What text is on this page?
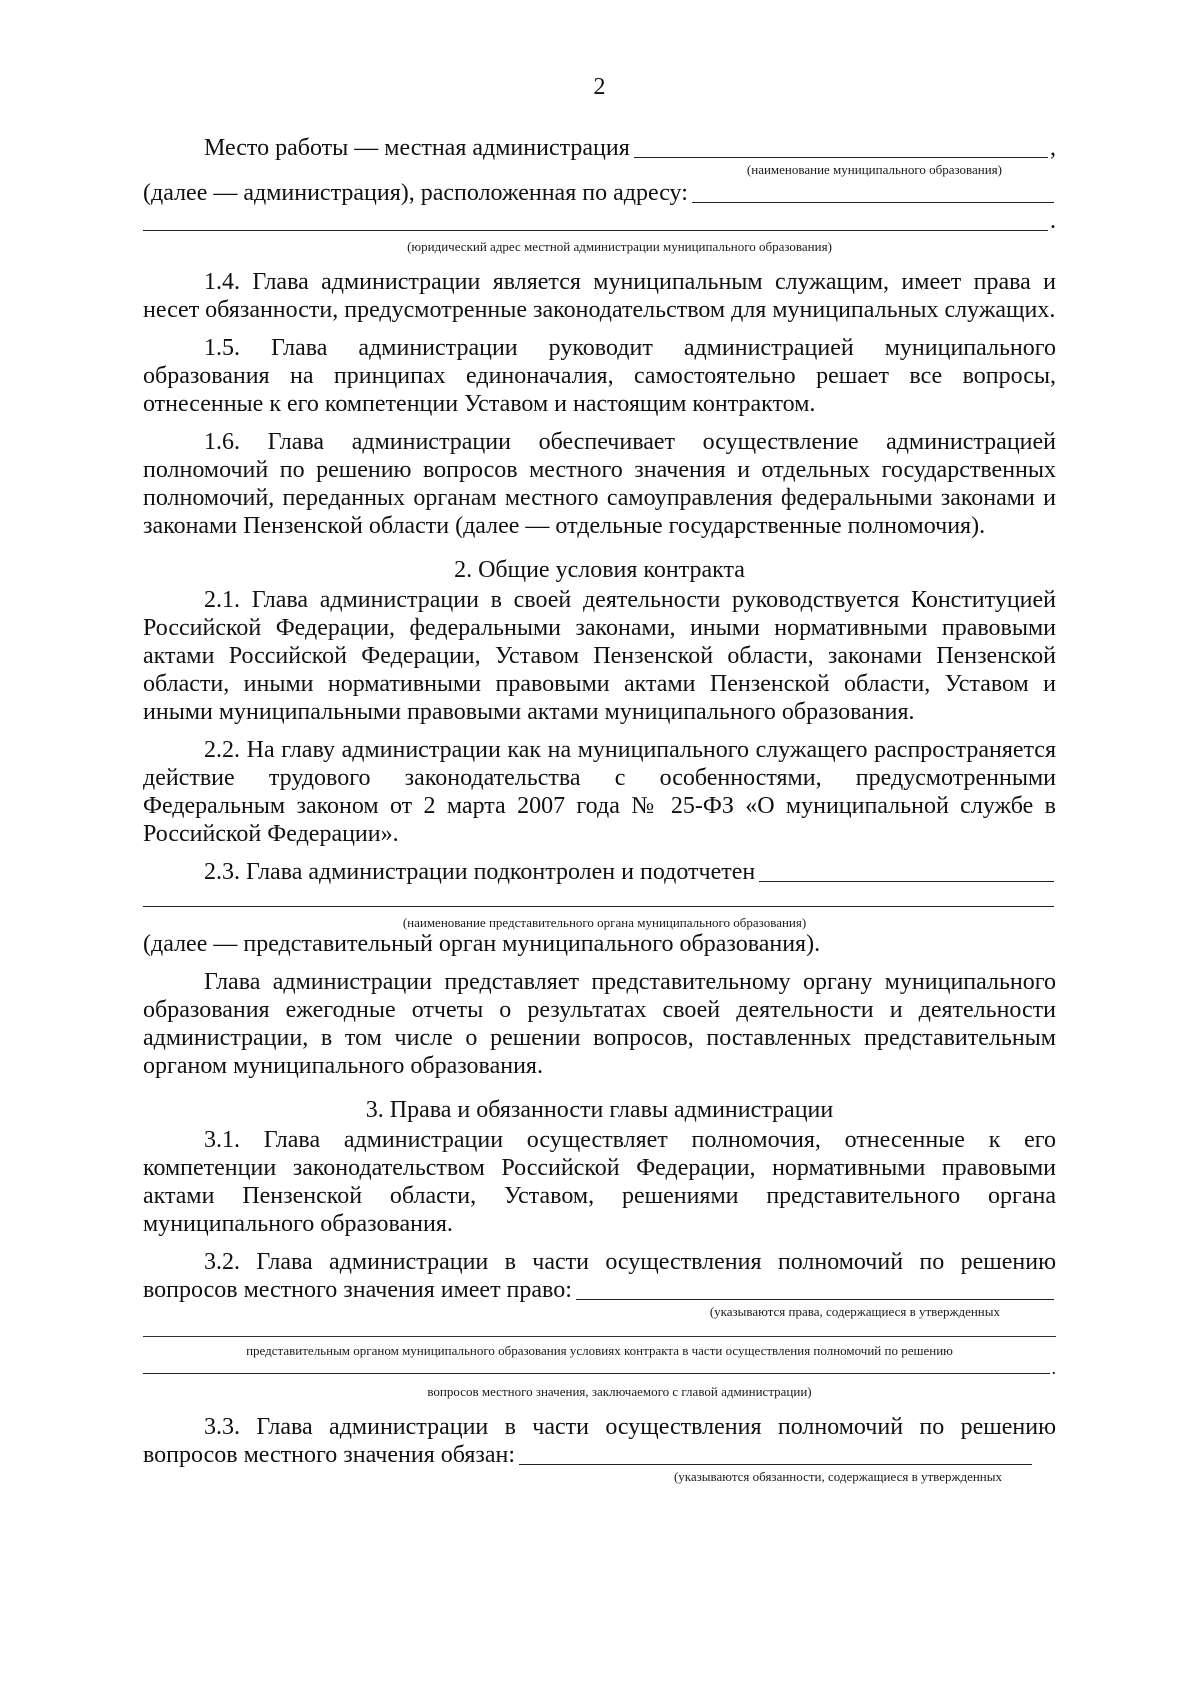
2
Место работы — местная администрация	,
(наименование муниципального образования)
(далее — администрация), расположенная по адресу:
.
(юридический адрес местной администрации муниципального образования)

1.4. Глава администрации является муниципальным служащим, имеет права и несет обязанности, предусмотренные законодательством для муниципальных служащих.

1.5. Глава администрации руководит администрацией муниципального образования на принципах единоначалия, самостоятельно решает все вопросы, отнесенные к его компетенции Уставом и настоящим контрактом.

1.6. Глава администрации обеспечивает осуществление администрацией полномочий по решению вопросов местного значения и отдельных государственных полномочий, переданных органам местного самоуправления федеральными законами и законами Пензенской области (далее — отдельные государственные полномочия).

2. Общие условия контракта

2.1. Глава администрации в своей деятельности руководствуется Конституцией Российской Федерации, федеральными законами, иными нормативными правовыми актами Российской Федерации, Уставом Пензенской области, законами Пензенской области, иными нормативными правовыми актами Пензенской области, Уставом и иными муниципальными правовыми актами муниципального образования.

2.2. На главу администрации как на муниципального служащего распространяется действие трудового законодательства с особенностями, предусмотренными Федеральным законом от 2 марта 2007 года № 25-ФЗ «О муниципальной службе в Российской Федерации».

2.3. Глава администрации подконтролен и подотчетен
(наименование представительного органа муниципального образования)

(далее — представительный орган муниципального образования).

Глава администрации представляет представительному органу муниципального образования ежегодные отчеты о результатах своей деятельности и деятельности администрации, в том числе о решении вопросов, поставленных представительным органом муниципального образования.

3. Права и обязанности главы администрации

3.1. Глава администрации осуществляет полномочия, отнесенные к его компетенции законодательством Российской Федерации, нормативными правовыми актами Пензенской области, Уставом, решениями представительного органа муниципального образования.

3.2. Глава администрации в части осуществления полномочий по решению

вопросов местного значения имеет право:
(указываются права, содержащиеся в утвержденных
представительным органом муниципального образования условиях контракта в части осуществления полномочий по решению
.
вопросов местного значения, заключаемого с главой администрации)

3.3. Глава администрации в части осуществления полномочий по решению

вопросов местного значения обязан:
(указываются обязанности, содержащиеся в утвержденных
